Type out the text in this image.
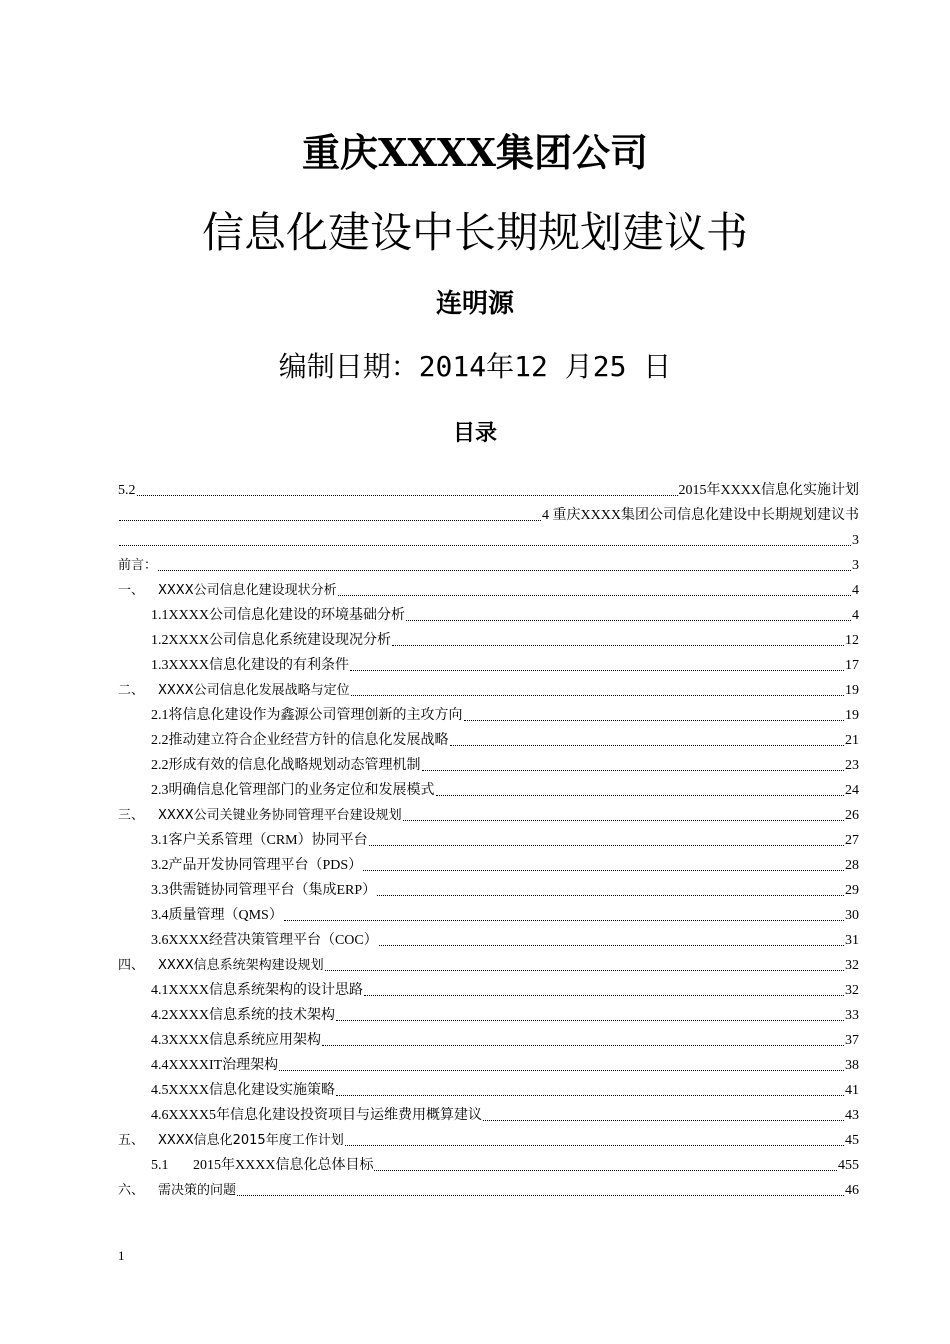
重庆XXXX集团公司
信息化建设中长期规划建议书
连明源
编制日期：2014年12 月25 日
目录
5.2	2015年XXXX信息化实施计划
4 重庆XXXX集团公司信息化建设中长期规划建议书
3
前言：	3
一、	XXXX公司信息化建设现状分析	4
1.1XXXX公司信息化建设的环境基础分析	4
1.2XXXX公司信息化系统建设现况分析	12
1.3XXXX信息化建设的有利条件	17
二、	XXXX公司信息化发展战略与定位	19
2.1将信息化建设作为鑫源公司管理创新的主攻方向	19
2.2推动建立符合企业经营方针的信息化发展战略	21
2.2形成有效的信息化战略规划动态管理机制	23
2.3明确信息化管理部门的业务定位和发展模式	24
三、	XXXX公司关键业务协同管理平台建设规划	26
3.1客户关系管理（CRM）协同平台	27
3.2产品开发协同管理平台（PDS）	28
3.3供需链协同管理平台（集成ERP）	29
3.4质量管理（QMS）	30
3.6XXXX经营决策管理平台（COC）	31
四、	XXXX信息系统架构建设规划	32
4.1XXXX信息系统架构的设计思路	32
4.2XXXX信息系统的技术架构	33
4.3XXXX信息系统应用架构	37
4.4XXXXIT治理架构	38
4.5XXXX信息化建设实施策略	41
4.6XXXX5年信息化建设投资项目与运维费用概算建议	43
五、	XXXX信息化2015年度工作计划	45
5.1       2015年XXXX信息化总体目标	455
六、	需决策的问题	46
1
